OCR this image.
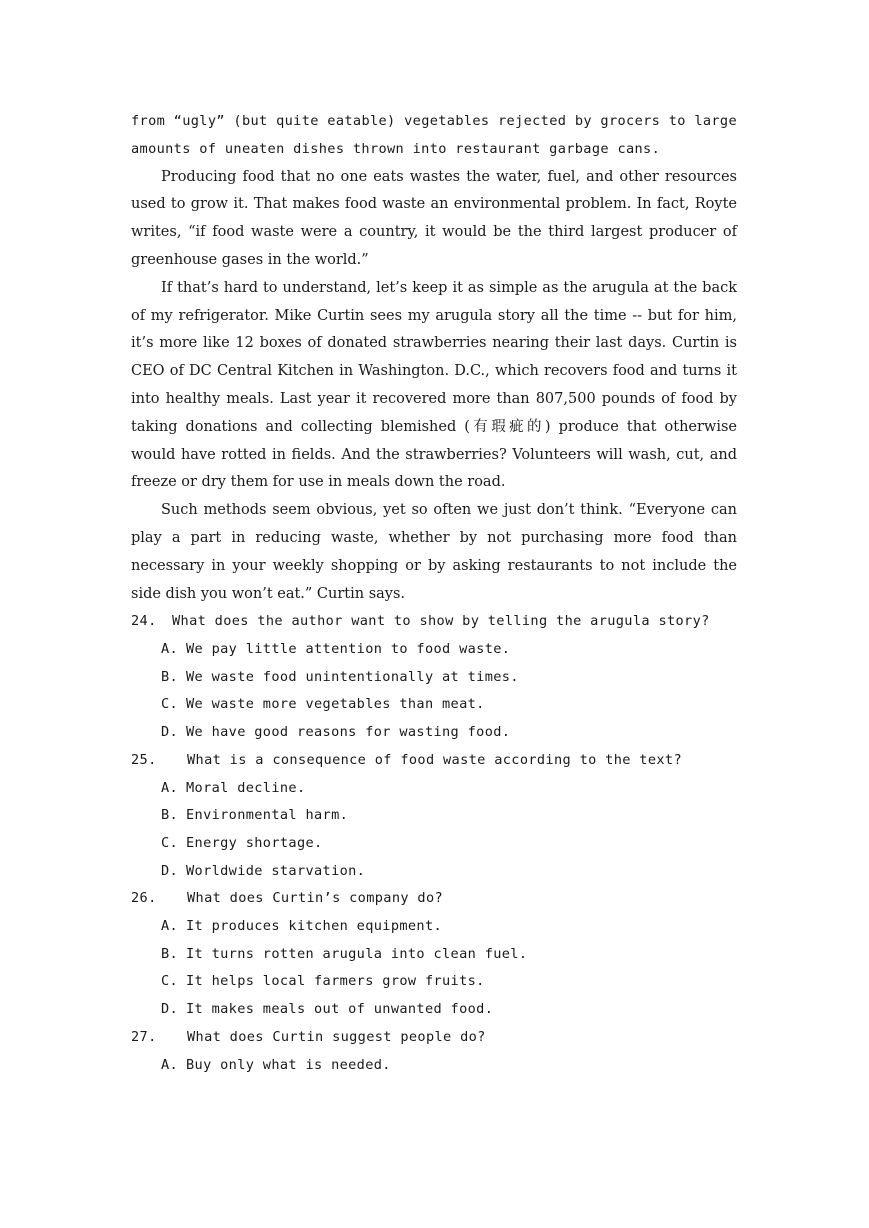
from “ugly” (but quite eatable) vegetables rejected by grocers to large amounts of uneaten dishes thrown into restaurant garbage cans.

Producing food that no one eats wastes the water, fuel, and other resources used to grow it. That makes food waste an environmental problem. In fact, Royte writes, “if food waste were a country, it would be the third largest producer of greenhouse gases in the world.”

If that’s hard to understand, let’s keep it as simple as the arugula at the back of my refrigerator. Mike Curtin sees my arugula story all the time -- but for him, it’s more like 12 boxes of donated strawberries nearing their last days. Curtin is CEO of DC Central Kitchen in Washington. D.C., which recovers food and turns it into healthy meals. Last year it recovered more than 807,500 pounds of food by taking donations and collecting blemished (有瑕疵的) produce that otherwise would have rotted in fields. And the strawberries? Volunteers will wash, cut, and freeze or dry them for use in meals down the road.

Such methods seem obvious, yet so often we just don’t think. “Everyone can play a part in reducing waste, whether by not purchasing more food than necessary in your weekly shopping or by asking restaurants to not include the side dish you won’t eat.” Curtin says.

24.	What does the author want to show by telling the arugula story?
A. We pay little attention to food waste.
B. We waste food unintentionally at times.
C. We waste more vegetables than meat.
D. We have good reasons for wasting food.
25.	What is a consequence of food waste according to the text?
A. Moral decline.
B. Environmental harm.
C. Energy shortage.
D. Worldwide starvation.
26.	What does Curtin’s company do?
A. It produces kitchen equipment.
B. It turns rotten arugula into clean fuel.
C. It helps local farmers grow fruits.
D. It makes meals out of unwanted food.
27.	What does Curtin suggest people do?
A. Buy only what is needed.
